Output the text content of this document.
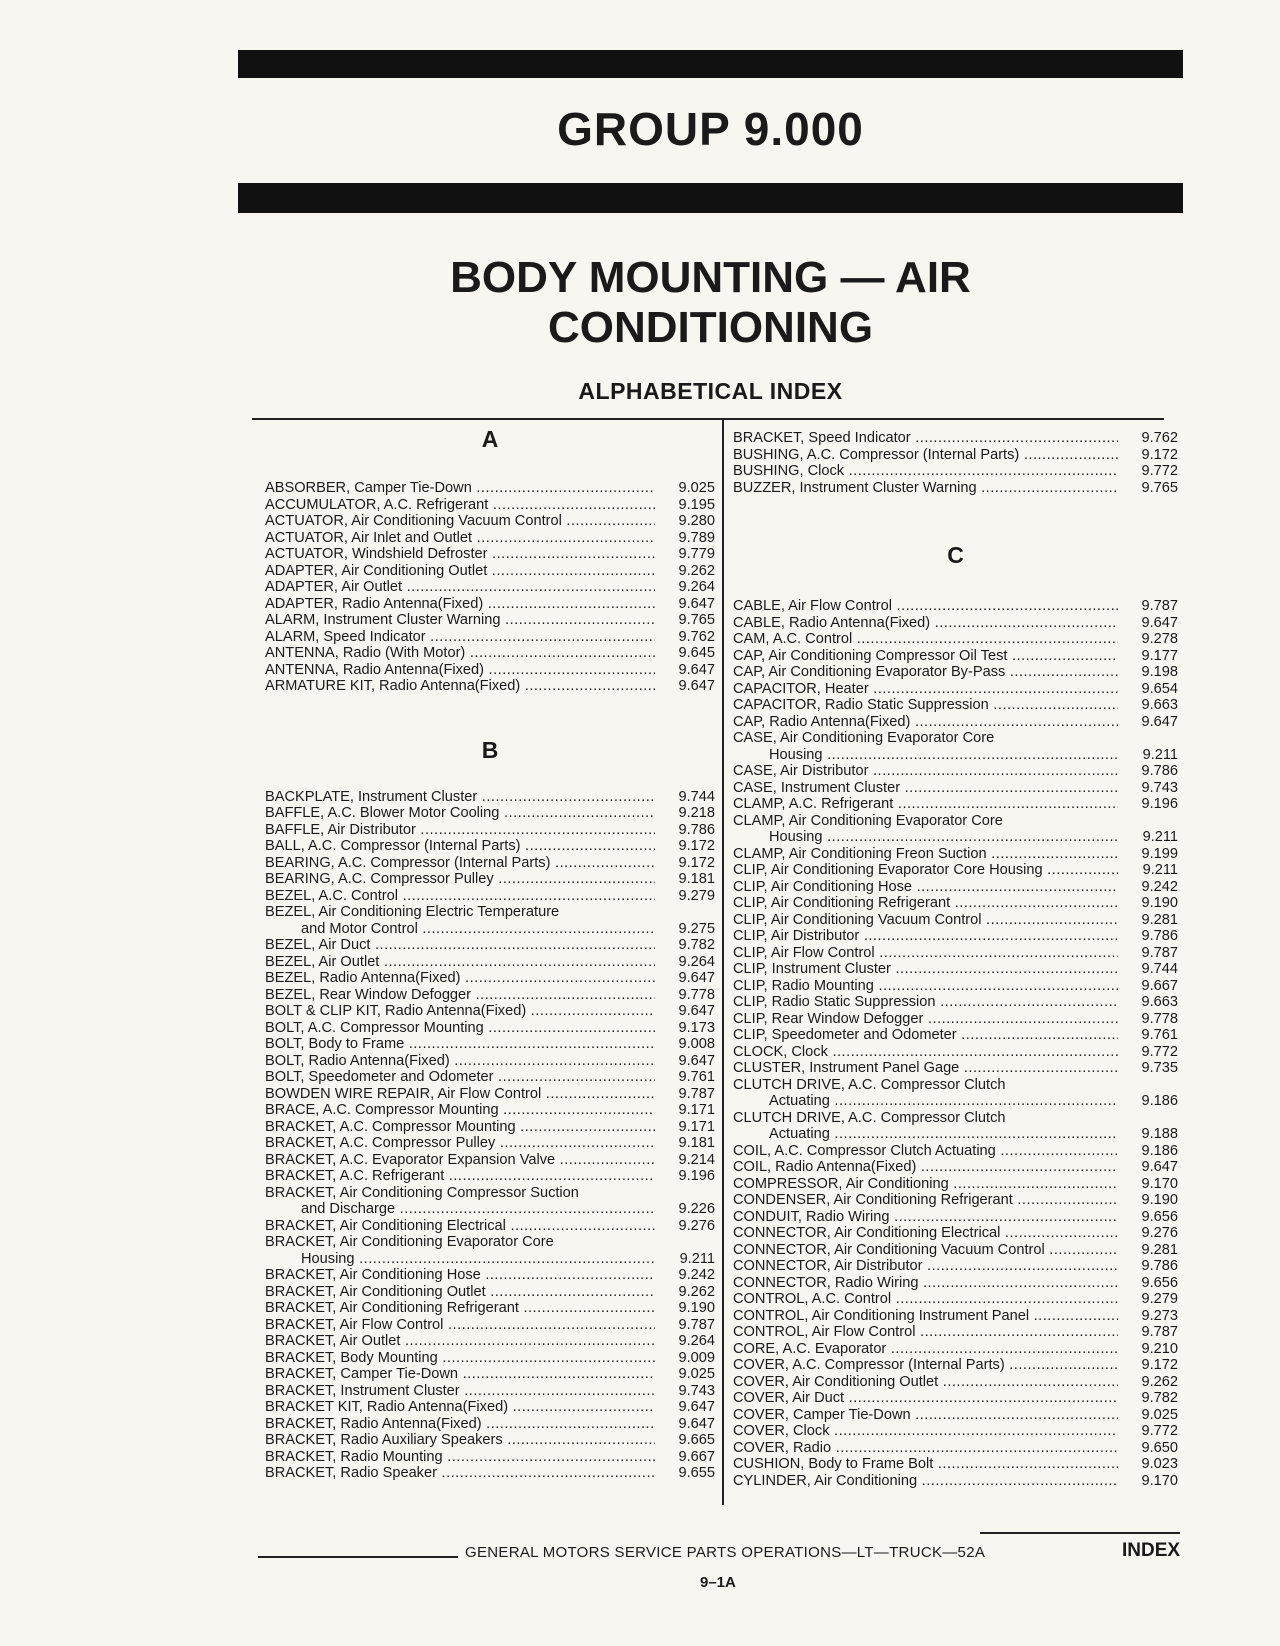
GROUP 9.000
BODY MOUNTING — AIR
CONDITIONING
ALPHABETICAL INDEX
A
ABSORBER, Camper Tie-Down .....	9.025
ACCUMULATOR, A.C. Refrigerant .....	9.195
ACTUATOR, Air Conditioning Vacuum Control .....	9.280
ACTUATOR, Air Inlet and Outlet .....	9.789
ACTUATOR, Windshield Defroster .....	9.779
ADAPTER, Air Conditioning Outlet .....	9.262
ADAPTER, Air Outlet .....	9.264
ADAPTER, Radio Antenna(Fixed) .....	9.647
ALARM, Instrument Cluster Warning .....	9.765
ALARM, Speed Indicator .....	9.762
ANTENNA, Radio (With Motor) .....	9.645
ANTENNA, Radio Antenna(Fixed) .....	9.647
ARMATURE KIT, Radio Antenna(Fixed) .....	9.647
B
BACKPLATE, Instrument Cluster .....	9.744
BAFFLE, A.C. Blower Motor Cooling .....	9.218
BAFFLE, Air Distributor .....	9.786
BALL, A.C. Compressor (Internal Parts) .....	9.172
BEARING, A.C. Compressor (Internal Parts) .....	9.172
BEARING, A.C. Compressor Pulley .....	9.181
BEZEL, A.C. Control .....	9.279
BEZEL, Air Conditioning Electric Temperature
and Motor Control .....	9.275
BEZEL, Air Duct .....	9.782
BEZEL, Air Outlet .....	9.264
BEZEL, Radio Antenna(Fixed) .....	9.647
BEZEL, Rear Window Defogger .....	9.778
BOLT & CLIP KIT, Radio Antenna(Fixed) .....	9.647
BOLT, A.C. Compressor Mounting .....	9.173
BOLT, Body to Frame .....	9.008
BOLT, Radio Antenna(Fixed) .....	9.647
BOLT, Speedometer and Odometer .....	9.761
BOWDEN WIRE REPAIR, Air Flow Control .....	9.787
BRACE, A.C. Compressor Mounting .....	9.171
BRACKET, A.C. Compressor Mounting .....	9.171
BRACKET, A.C. Compressor Pulley .....	9.181
BRACKET, A.C. Evaporator Expansion Valve .....	9.214
BRACKET, A.C. Refrigerant .....	9.196
BRACKET, Air Conditioning Compressor Suction
and Discharge .....	9.226
BRACKET, Air Conditioning Electrical .....	9.276
BRACKET, Air Conditioning Evaporator Core
Housing .....	9.211
BRACKET, Air Conditioning Hose .....	9.242
BRACKET, Air Conditioning Outlet .....	9.262
BRACKET, Air Conditioning Refrigerant .....	9.190
BRACKET, Air Flow Control .....	9.787
BRACKET, Air Outlet .....	9.264
BRACKET, Body Mounting .....	9.009
BRACKET, Camper Tie-Down .....	9.025
BRACKET, Instrument Cluster .....	9.743
BRACKET KIT, Radio Antenna(Fixed) .....	9.647
BRACKET, Radio Antenna(Fixed) .....	9.647
BRACKET, Radio Auxiliary Speakers .....	9.665
BRACKET, Radio Mounting .....	9.667
BRACKET, Radio Speaker .....	9.655
BRACKET, Speed Indicator .....	9.762
BUSHING, A.C. Compressor (Internal Parts) .....	9.172
BUSHING, Clock .....	9.772
BUZZER, Instrument Cluster Warning .....	9.765
C
CABLE, Air Flow Control .....	9.787
CABLE, Radio Antenna(Fixed) .....	9.647
CAM, A.C. Control .....	9.278
CAP, Air Conditioning Compressor Oil Test .....	9.177
CAP, Air Conditioning Evaporator By-Pass .....	9.198
CAPACITOR, Heater .....	9.654
CAPACITOR, Radio Static Suppression .....	9.663
CAP, Radio Antenna(Fixed) .....	9.647
CASE, Air Conditioning Evaporator Core
Housing .....	9.211
CASE, Air Distributor .....	9.786
CASE, Instrument Cluster .....	9.743
CLAMP, A.C. Refrigerant .....	9.196
CLAMP, Air Conditioning Evaporator Core
Housing .....	9.211
CLAMP, Air Conditioning Freon Suction .....	9.199
CLIP, Air Conditioning Evaporator Core Housing .....	9.211
CLIP, Air Conditioning Hose .....	9.242
CLIP, Air Conditioning Refrigerant .....	9.190
CLIP, Air Conditioning Vacuum Control .....	9.281
CLIP, Air Distributor .....	9.786
CLIP, Air Flow Control .....	9.787
CLIP, Instrument Cluster .....	9.744
CLIP, Radio Mounting .....	9.667
CLIP, Radio Static Suppression .....	9.663
CLIP, Rear Window Defogger .....	9.778
CLIP, Speedometer and Odometer .....	9.761
CLOCK, Clock .....	9.772
CLUSTER, Instrument Panel Gage .....	9.735
CLUTCH DRIVE, A.C. Compressor Clutch
Actuating .....	9.186
CLUTCH DRIVE, A.C. Compressor Clutch
Actuating .....	9.188
COIL, A.C. Compressor Clutch Actuating .....	9.186
COIL, Radio Antenna(Fixed) .....	9.647
COMPRESSOR, Air Conditioning .....	9.170
CONDENSER, Air Conditioning Refrigerant .....	9.190
CONDUIT, Radio Wiring .....	9.656
CONNECTOR, Air Conditioning Electrical .....	9.276
CONNECTOR, Air Conditioning Vacuum Control .....	9.281
CONNECTOR, Air Distributor .....	9.786
CONNECTOR, Radio Wiring .....	9.656
CONTROL, A.C. Control .....	9.279
CONTROL, Air Conditioning Instrument Panel .....	9.273
CONTROL, Air Flow Control .....	9.787
CORE, A.C. Evaporator .....	9.210
COVER, A.C. Compressor (Internal Parts) .....	9.172
COVER, Air Conditioning Outlet .....	9.262
COVER, Air Duct .....	9.782
COVER, Camper Tie-Down .....	9.025
COVER, Clock .....	9.772
COVER, Radio .....	9.650
CUSHION, Body to Frame Bolt .....	9.023
CYLINDER, Air Conditioning .....	9.170
GENERAL MOTORS SERVICE PARTS OPERATIONS—LT—TRUCK—52A	INDEX
9–1A
